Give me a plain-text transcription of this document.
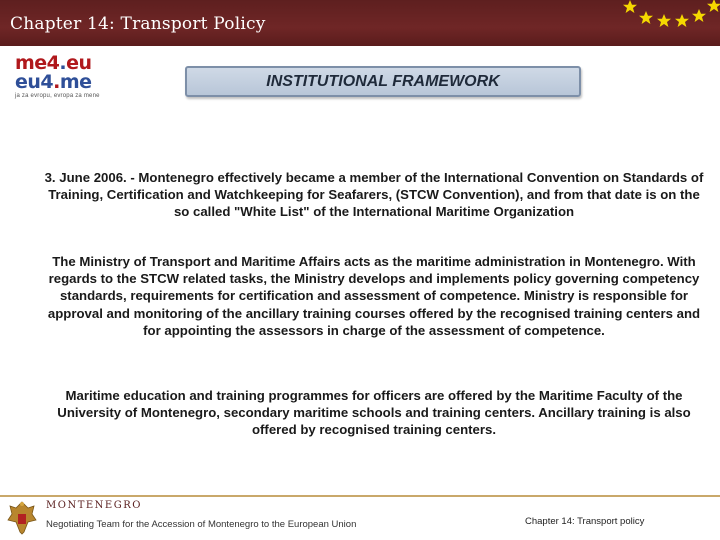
Chapter 14: Transport Policy
me4.eu
eu4.me
ja za evropu, evropa za mene
INSTITUTIONAL FRAMEWORK
3. June 2006. - Montenegro effectively became a member of the International Convention on Standards of Training, Certification and Watchkeeping for Seafarers, (STCW Convention), and from that date is on the so called "White List" of the International Maritime Organization
The Ministry of Transport and Maritime Affairs acts as the maritime administration in Montenegro. With regards to the STCW related tasks, the Ministry develops and implements policy governing competency standards, requirements for certification and assessment of competence. Ministry is responsible for approval and monitoring of the ancillary training courses offered by the recognised training centers and for appointing the assessors in charge of the assessment of competence.
Maritime education and training programmes for officers are offered by the Maritime Faculty of the University of Montenegro, secondary maritime schools and training centers. Ancillary training is also offered by recognised training centers.
MONTENEGRO
Negotiating Team for the Accession of Montenegro to the European Union	Chapter 14: Transport policy
